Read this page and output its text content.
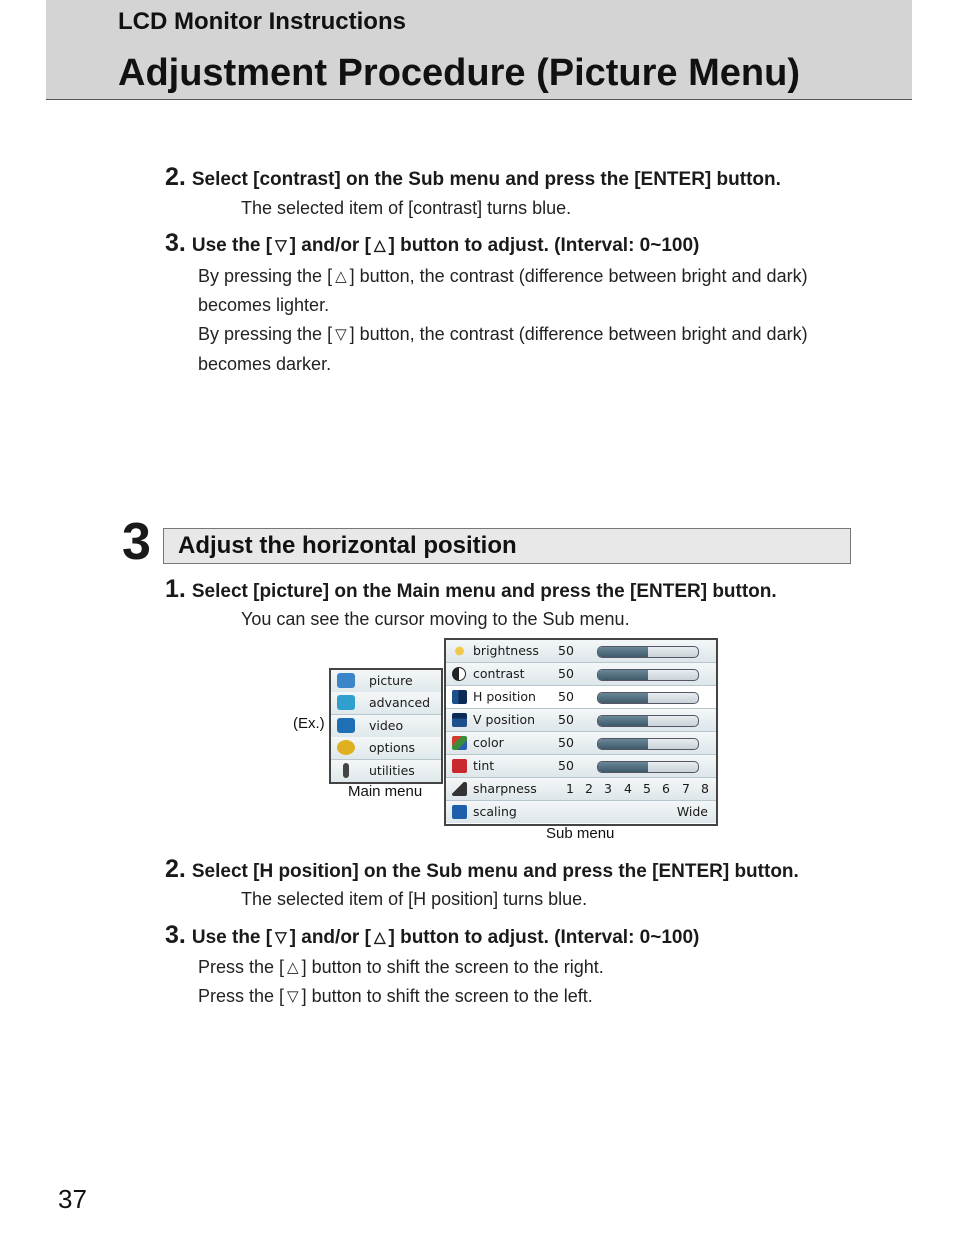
LCD Monitor Instructions
Adjustment Procedure (Picture Menu)
2. Select [contrast] on the Sub menu and press the [ENTER] button.
The selected item of [contrast] turns blue.
3. Use the [ ▽ ] and/or [ △ ] button to adjust. (Interval: 0~100)
By pressing the [ △ ] button, the contrast (difference between bright and dark)
becomes lighter.
By pressing the [ ▽ ] button, the contrast (difference between bright and dark)
becomes darker.
3 Adjust the horizontal position
1. Select [picture] on the Main menu and press the [ENTER] button.
You can see the cursor moving to the Sub menu.
(Ex.)
picture
advanced
video
options
utilities
Main menu
brightness 50
contrast	50
H position 50
V position 50
color	50
tint	50
sharpness 1 2 3 4 5 6 7 8
scaling	Wide
Sub menu
2. Select [H position] on the Sub menu and press the [ENTER] button.
The selected item of [H position] turns blue.
3. Use the [ ▽ ] and/or [ △ ] button to adjust. (Interval: 0~100)
Press the [ △ ] button to shift the screen to the right.
Press the [ ▽ ] button to shift the screen to the left.
37
